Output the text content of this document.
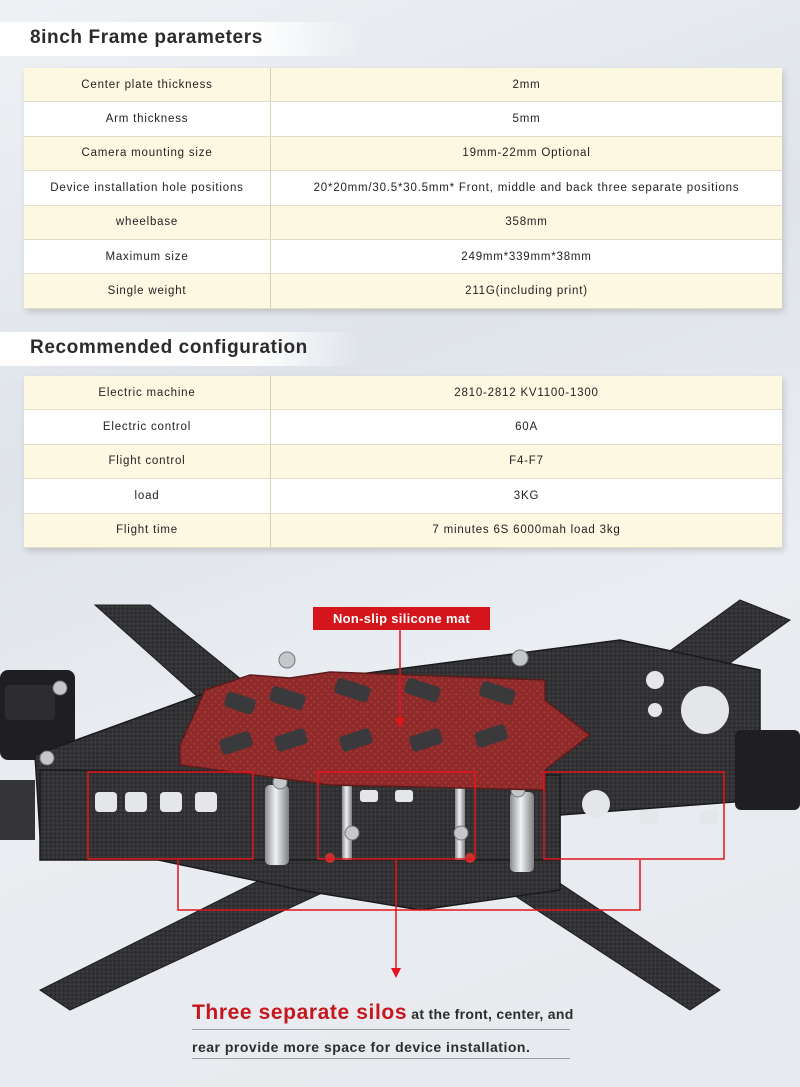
8inch Frame parameters
Center plate thickness	2mm
Arm thickness	5mm
Camera mounting size	19mm-22mm Optional
Device installation hole positions	20*20mm/30.5*30.5mm* Front, middle and back three separate positions
wheelbase	358mm
Maximum size	249mm*339mm*38mm
Single weight	211G(including print)
Recommended configuration
Electric machine	2810-2812 KV1100-1300
Electric control	60A
Flight control	F4-F7
load	3KG
Flight time	7 minutes 6S 6000mah load 3kg
Non-slip silicone mat
Three separate silos at the front, center, and
rear provide more space for device installation.
